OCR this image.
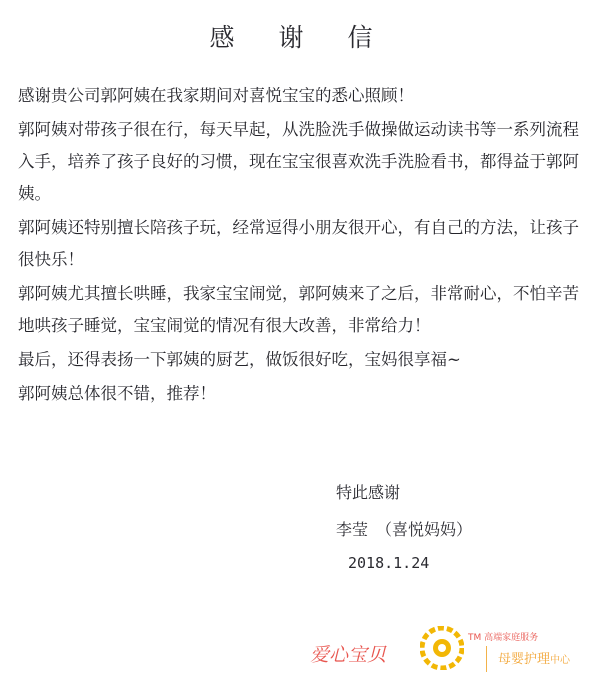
感 谢 信

感谢贵公司郭阿姨在我家期间对喜悦宝宝的悉心照顾！

郭阿姨对带孩子很在行，每天早起，从洗脸洗手做操做运动读书等一系列流程入手，培养了孩子良好的习惯，现在宝宝很喜欢洗手洗脸看书，都得益于郭阿姨。

郭阿姨还特别擅长陪孩子玩，经常逗得小朋友很开心，有自己的方法，让孩子很快乐！

郭阿姨尤其擅长哄睡，我家宝宝闹觉，郭阿姨来了之后，非常耐心，不怕辛苦地哄孩子睡觉，宝宝闹觉的情况有很大改善，非常给力！

最后，还得表扬一下郭姨的厨艺，做饭很好吃，宝妈很享福~

郭阿姨总体很不错，推荐！

特此感谢
李莹 （喜悦妈妈）
2018.1.24
爱心宝贝
TM 高端家庭服务
母婴护理中心
